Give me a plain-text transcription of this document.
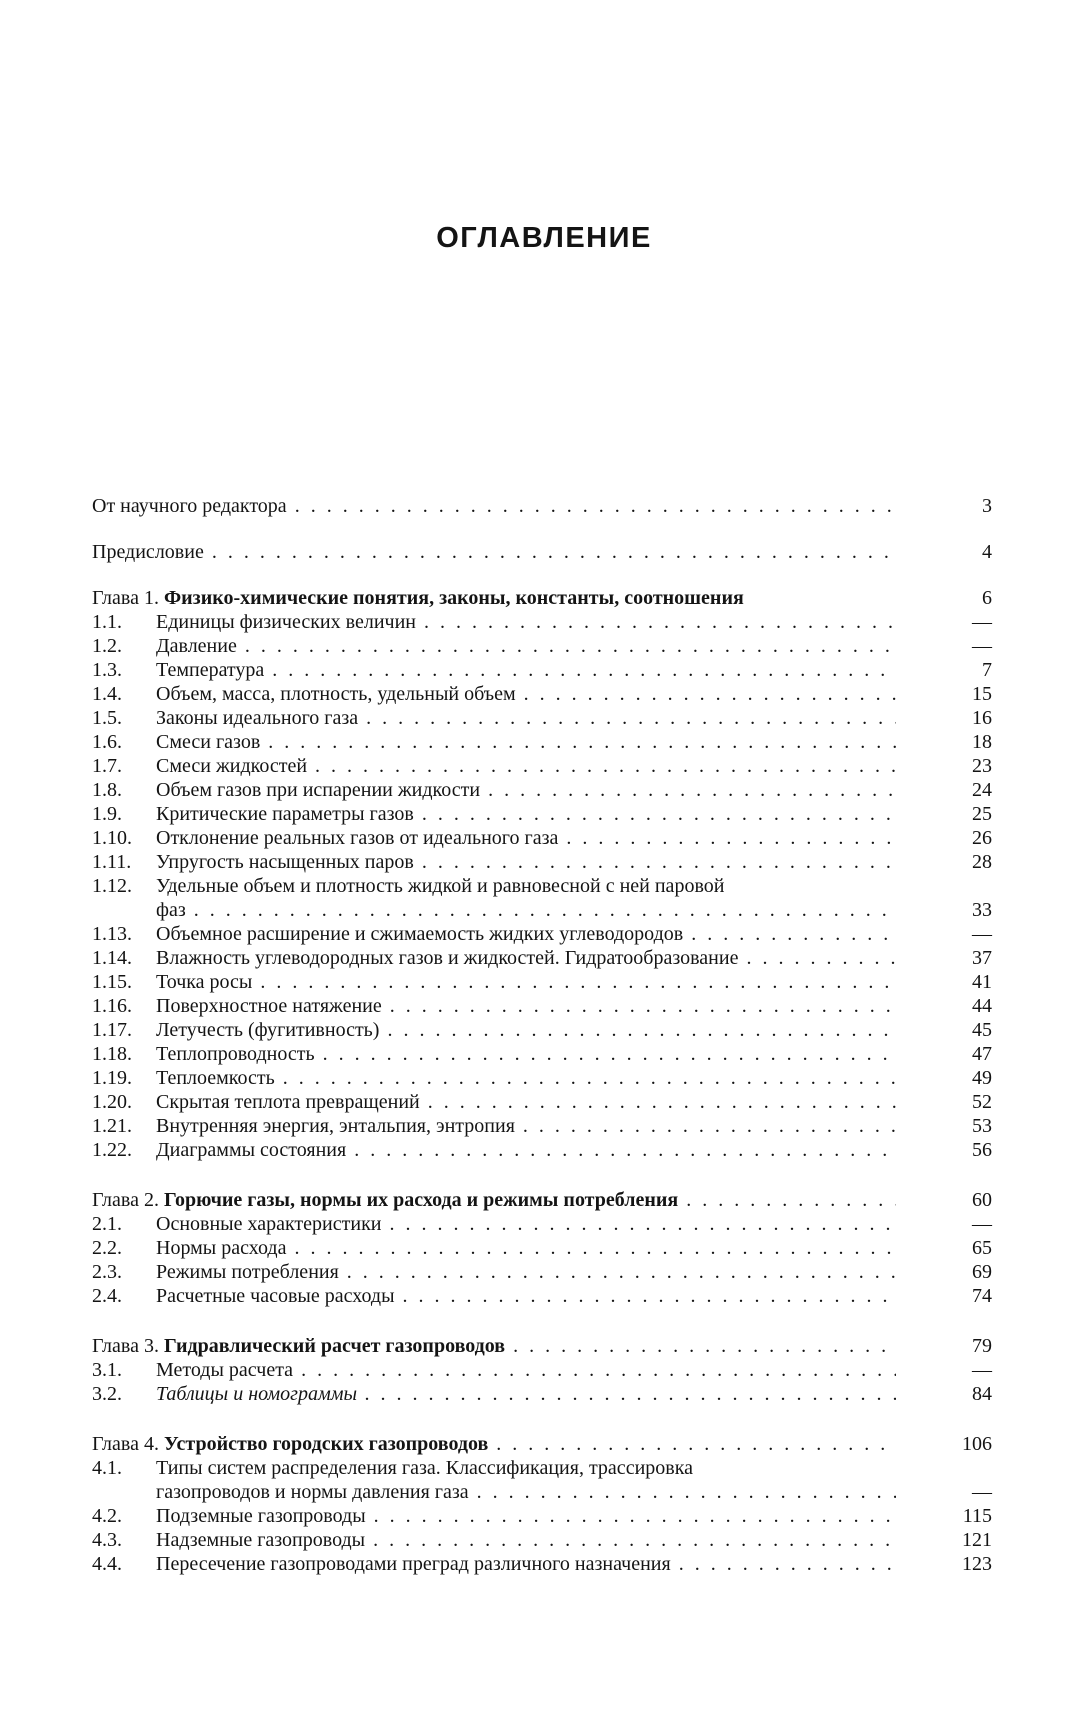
ОГЛАВЛЕНИЕ
От научного редактора . . .	3
Предисловие . . .	4
Глава 1. Физико-химические понятия, законы, константы, соотношения	6
1.1. Единицы физических величин . . .	—
1.2. Давление . . .	—
1.3. Температура . . .	7
1.4. Объем, масса, плотность, удельный объем . . .	15
1.5. Законы идеального газа . . .	16
1.6. Смеси газов . . .	18
1.7. Смеси жидкостей . . .	23
1.8. Объем газов при испарении жидкости . . .	24
1.9. Критические параметры газов . . .	25
1.10. Отклонение реальных газов от идеального газа . . .	26
1.11. Упругость насыщенных паров . . .	28
1.12. Удельные объем и плотность жидкой и равновесной с ней паровой
фаз . . .	33
1.13. Объемное расширение и сжимаемость жидких углеводородов . . .	—
1.14. Влажность углеводородных газов и жидкостей. Гидратообразование . . .	37
1.15. Точка росы . . .	41
1.16. Поверхностное натяжение . . .	44
1.17. Летучесть (фугитивность) . . .	45
1.18. Теплопроводность . . .	47
1.19. Теплоемкость . . .	49
1.20. Скрытая теплота превращений . . .	52
1.21. Внутренняя энергия, энтальпия, энтропия . . .	53
1.22. Диаграммы состояния . . .	56
Глава 2. Горючие газы, нормы их расхода и режимы потребления . . .	60
2.1. Основные характеристики . . .	—
2.2. Нормы расхода . . .	65
2.3. Режимы потребления . . .	69
2.4. Расчетные часовые расходы . . .	74
Глава 3. Гидравлический расчет газопроводов . . .	79
3.1. Методы расчета . . .	—
3.2. Таблицы и номограммы . . .	84
Глава 4. Устройство городских газопроводов . . .	106
4.1. Типы систем распределения газа. Классификация, трассировка
газопроводов и нормы давления газа . . .	—
4.2. Подземные газопроводы . . .	115
4.3. Надземные газопроводы . . .	121
4.4. Пересечение газопроводами преград различного назначения . . .	123
